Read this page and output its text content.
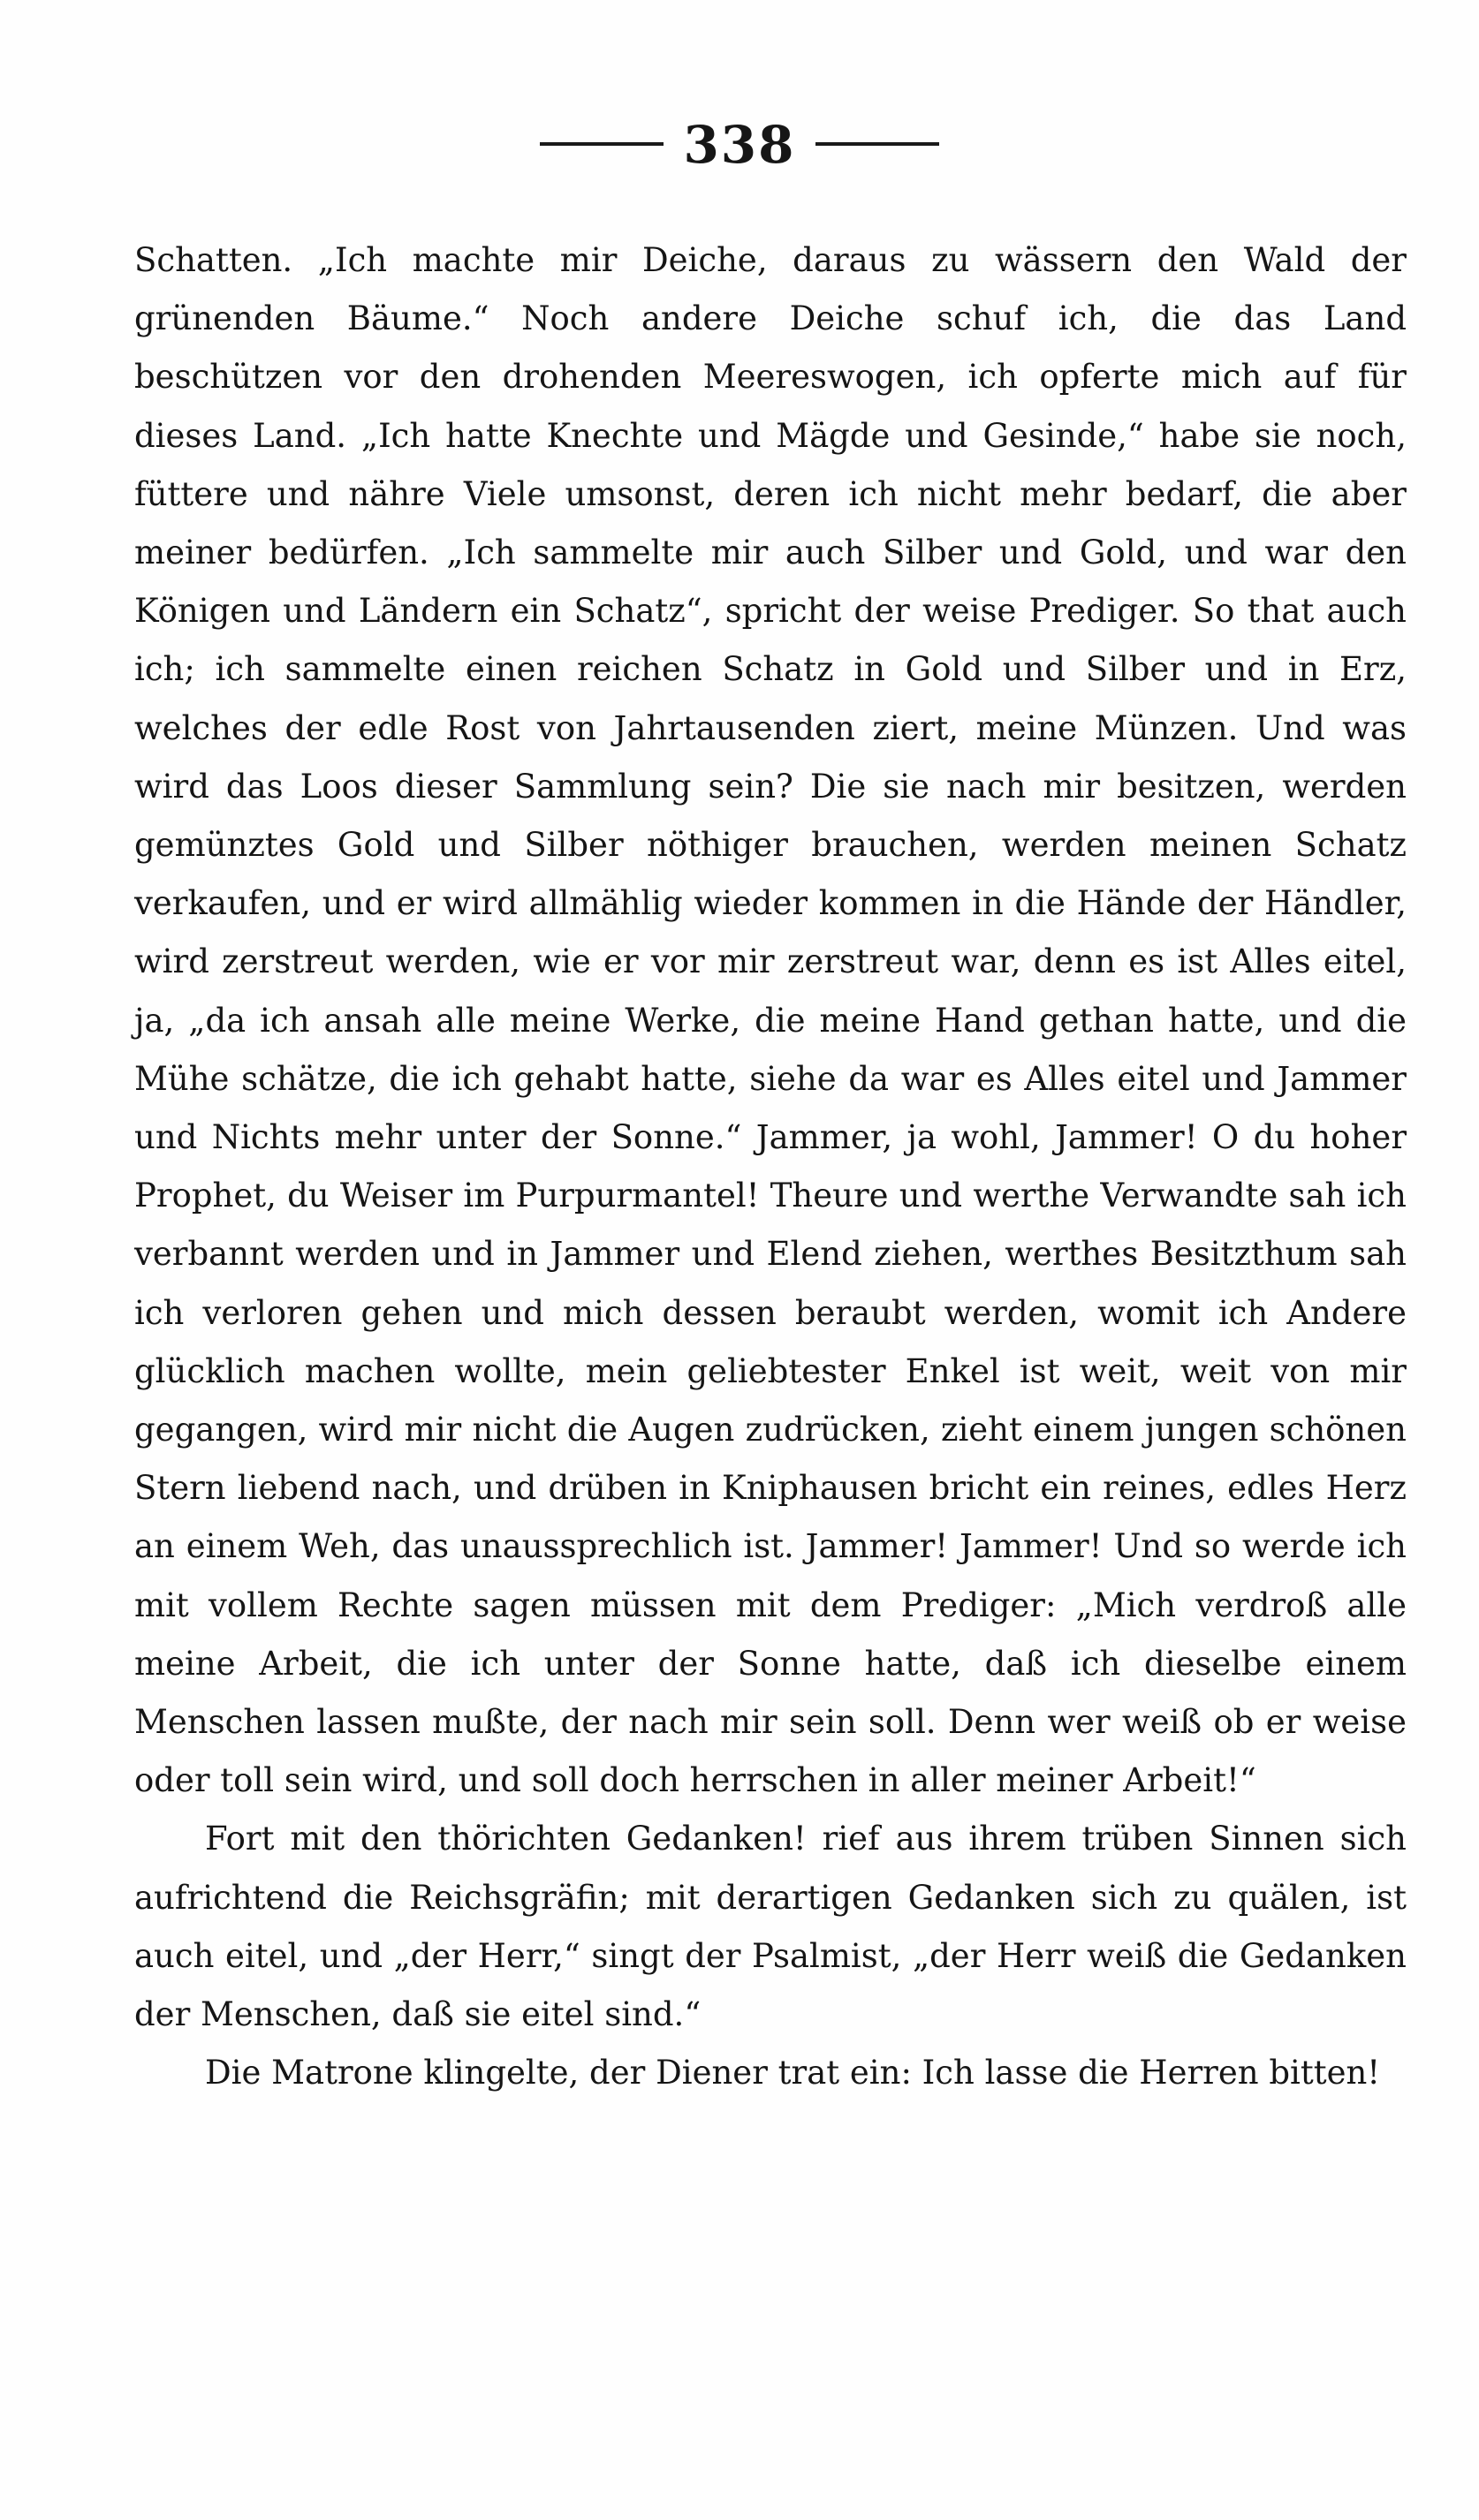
338

Schatten. „Ich machte mir Deiche, daraus zu wässern den Wald der grünenden Bäume.“ Noch andere Deiche schuf ich, die das Land beschützen vor den drohenden Meereswogen, ich opferte mich auf für dieses Land. „Ich hatte Knechte und Mägde und Gesinde,“ habe sie noch, füttere und nähre Viele umsonst, deren ich nicht mehr bedarf, die aber meiner bedürfen. „Ich sammelte mir auch Silber und Gold, und war den Königen und Ländern ein Schatz“, spricht der weise Prediger. So that auch ich; ich sammelte einen reichen Schatz in Gold und Silber und in Erz, welches der edle Rost von Jahrtausenden ziert, meine Münzen. Und was wird das Loos dieser Sammlung sein? Die sie nach mir besitzen, werden gemünztes Gold und Silber nöthiger brauchen, werden meinen Schatz verkaufen, und er wird allmählig wieder kommen in die Hände der Händler, wird zerstreut werden, wie er vor mir zerstreut war, denn es ist Alles eitel, ja, „da ich ansah alle meine Werke, die meine Hand gethan hatte, und die Mühe schätze, die ich gehabt hatte, siehe da war es Alles eitel und Jammer und Nichts mehr unter der Sonne.“ Jammer, ja wohl, Jammer! O du hoher Prophet, du Weiser im Purpurmantel! Theure und werthe Verwandte sah ich verbannt werden und in Jammer und Elend ziehen, werthes Besitzthum sah ich verloren gehen und mich dessen beraubt werden, womit ich Andere glücklich machen wollte, mein geliebtester Enkel ist weit, weit von mir gegangen, wird mir nicht die Augen zudrücken, zieht einem jungen schönen Stern liebend nach, und drüben in Kniphausen bricht ein reines, edles Herz an einem Weh, das unaussprechlich ist. Jammer! Jammer! Und so werde ich mit vollem Rechte sagen müssen mit dem Prediger: „Mich verdroß alle meine Arbeit, die ich unter der Sonne hatte, daß ich dieselbe einem Menschen lassen mußte, der nach mir sein soll. Denn wer weiß ob er weise oder toll sein wird, und soll doch herrschen in aller meiner Arbeit!“

Fort mit den thörichten Gedanken! rief aus ihrem trüben Sinnen sich aufrichtend die Reichsgräfin; mit derartigen Gedanken sich zu quälen, ist auch eitel, und „der Herr,“ singt der Psalmist, „der Herr weiß die Gedanken der Menschen, daß sie eitel sind.“

Die Matrone klingelte, der Diener trat ein: Ich lasse die Herren bitten!
